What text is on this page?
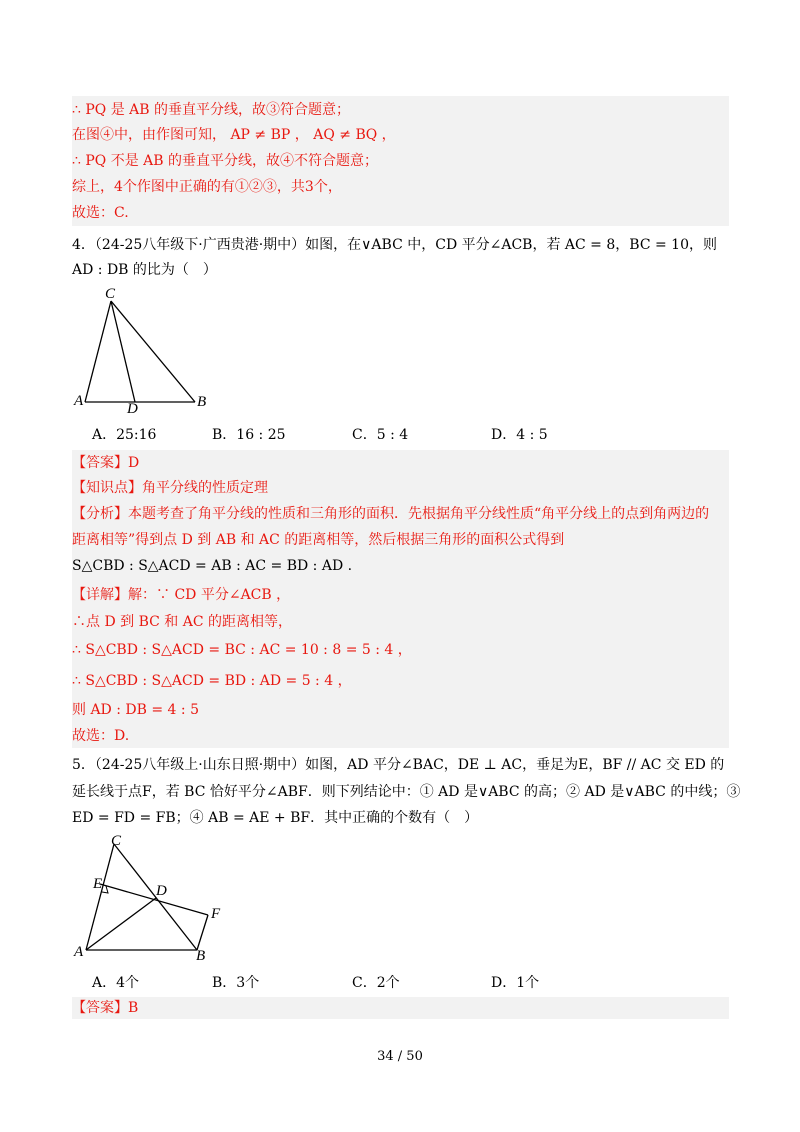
∴ PQ 是 AB 的垂直平分线，故③符合题意；
在图④中，由作图可知， AP ≠ BP ， AQ ≠ BQ ，
∴ PQ 不是 AB 的垂直平分线，故④不符合题意；
综上，4个作图中正确的有①②③，共3个，
故选：C.
4．（24-25八年级下·广西贵港·期中）如图，在∨ABC 中，CD 平分∠ACB，若 AC = 8，BC = 10，则
AD : DB 的比为（　）
C
A	D	B
A．25:16	B．16 : 25	C．5 : 4	D．4 : 5
【答案】D
【知识点】角平分线的性质定理
【分析】本题考查了角平分线的性质和三角形的面积．先根据角平分线性质“角平分线上的点到角两边的
距离相等”得到点 D 到 AB 和 AC 的距离相等，然后根据三角形的面积公式得到
S△CBD : S△ACD = AB : AC = BD : AD .
【详解】解：∵ CD 平分∠ACB ，
∴点 D 到 BC 和 AC 的距离相等，
∴ S△CBD : S△ACD = BC : AC = 10 : 8 = 5 : 4 ，
∴ S△CBD : S△ACD = BD : AD = 5 : 4 ，
则 AD : DB = 4 : 5
故选：D.
5．（24-25八年级上·山东日照·期中）如图，AD 平分∠BAC，DE ⊥ AC，垂足为E，BF // AC 交 ED 的
延长线于点F，若 BC 恰好平分∠ABF．则下列结论中：① AD 是∨ABC 的高；② AD 是∨ABC 的中线；③
ED = FD = FB；④ AB = AE + BF．其中正确的个数有（　）
C
E	D
F
A	B
A．4个	B．3个	C．2个	D．1个
【答案】B
34 / 50
